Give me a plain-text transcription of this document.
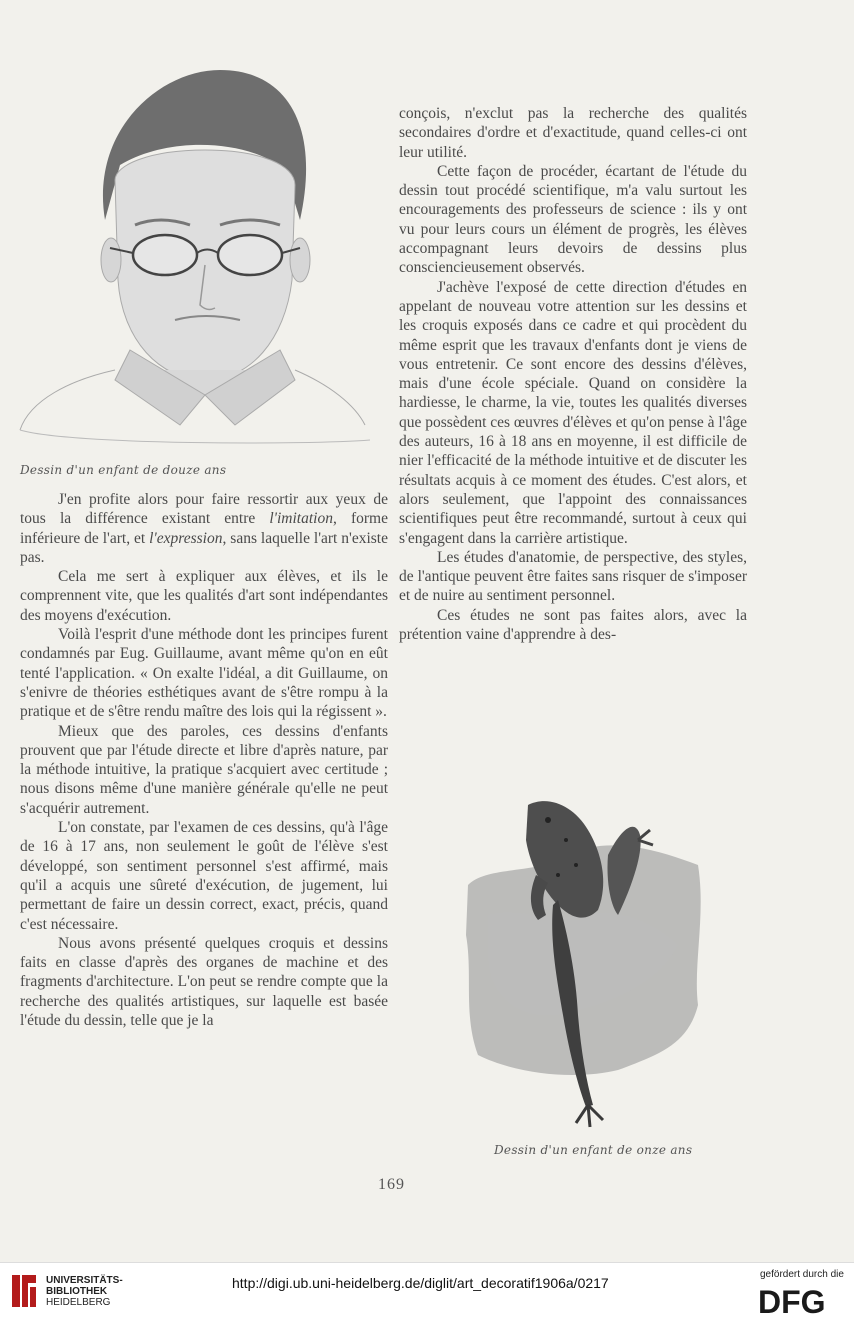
Dessin d'un enfant de douze ans
Dessin d'un enfant de onze ans

J'en profite alors pour faire ressortir aux yeux de tous la différence existant entre l'imitation, forme inférieure de l'art, et l'expression, sans laquelle l'art n'existe pas.

Cela me sert à expliquer aux élèves, et ils le comprennent vite, que les qualités d'art sont indépendantes des moyens d'exécution.

Voilà l'esprit d'une méthode dont les principes furent condamnés par Eug. Guillaume, avant même qu'on en eût tenté l'application. « On exalte l'idéal, a dit Guillaume, on s'enivre de théories esthétiques avant de s'être rompu à la pratique et de s'être rendu maître des lois qui la régissent ».

Mieux que des paroles, ces dessins d'enfants prouvent que par l'étude directe et libre d'après nature, par la méthode intuitive, la pratique s'acquiert avec certitude ; nous disons même d'une manière générale qu'elle ne peut s'acquérir autrement.

L'on constate, par l'examen de ces dessins, qu'à l'âge de 16 à 17 ans, non seulement le goût de l'élève s'est développé, son sentiment personnel s'est affirmé, mais qu'il a acquis une sûreté d'exécution, de jugement, lui permettant de faire un dessin correct, exact, précis, quand c'est nécessaire.

Nous avons présenté quelques croquis et dessins faits en classe d'après des organes de machine et des fragments d'architecture. L'on peut se rendre compte que la recherche des qualités artistiques, sur laquelle est basée l'étude du dessin, telle que je la

conçois, n'exclut pas la recherche des qualités secondaires d'ordre et d'exactitude, quand celles-ci ont leur utilité.

Cette façon de procéder, écartant de l'étude du dessin tout procédé scientifique, m'a valu surtout les encouragements des professeurs de science : ils y ont vu pour leurs cours un élément de progrès, les élèves accompagnant leurs devoirs de dessins plus consciencieusement observés.

J'achève l'exposé de cette direction d'études en appelant de nouveau votre attention sur les dessins et les croquis exposés dans ce cadre et qui procèdent du même esprit que les travaux d'enfants dont je viens de vous entretenir. Ce sont encore des dessins d'élèves, mais d'une école spéciale. Quand on considère la hardiesse, le charme, la vie, toutes les qualités diverses que possèdent ces œuvres d'élèves et qu'on pense à l'âge des auteurs, 16 à 18 ans en moyenne, il est difficile de nier l'efficacité de la méthode intuitive et de discuter les résultats acquis à ce moment des études. C'est alors, et alors seulement, que l'appoint des connaissances scientifiques peut être recommandé, surtout à ceux qui s'engagent dans la carrière artistique.

Les études d'anatomie, de perspective, des styles, de l'antique peuvent être faites sans risquer de s'imposer et de nuire au sentiment personnel.

Ces études ne sont pas faites alors, avec la prétention vaine d'apprendre à des-

169
UNIVERSITÄTS-
BIBLIOTHEK
HEIDELBERG
http://digi.ub.uni-heidelberg.de/diglit/art_decoratif1906a/0217
gefördert durch die
DFG
